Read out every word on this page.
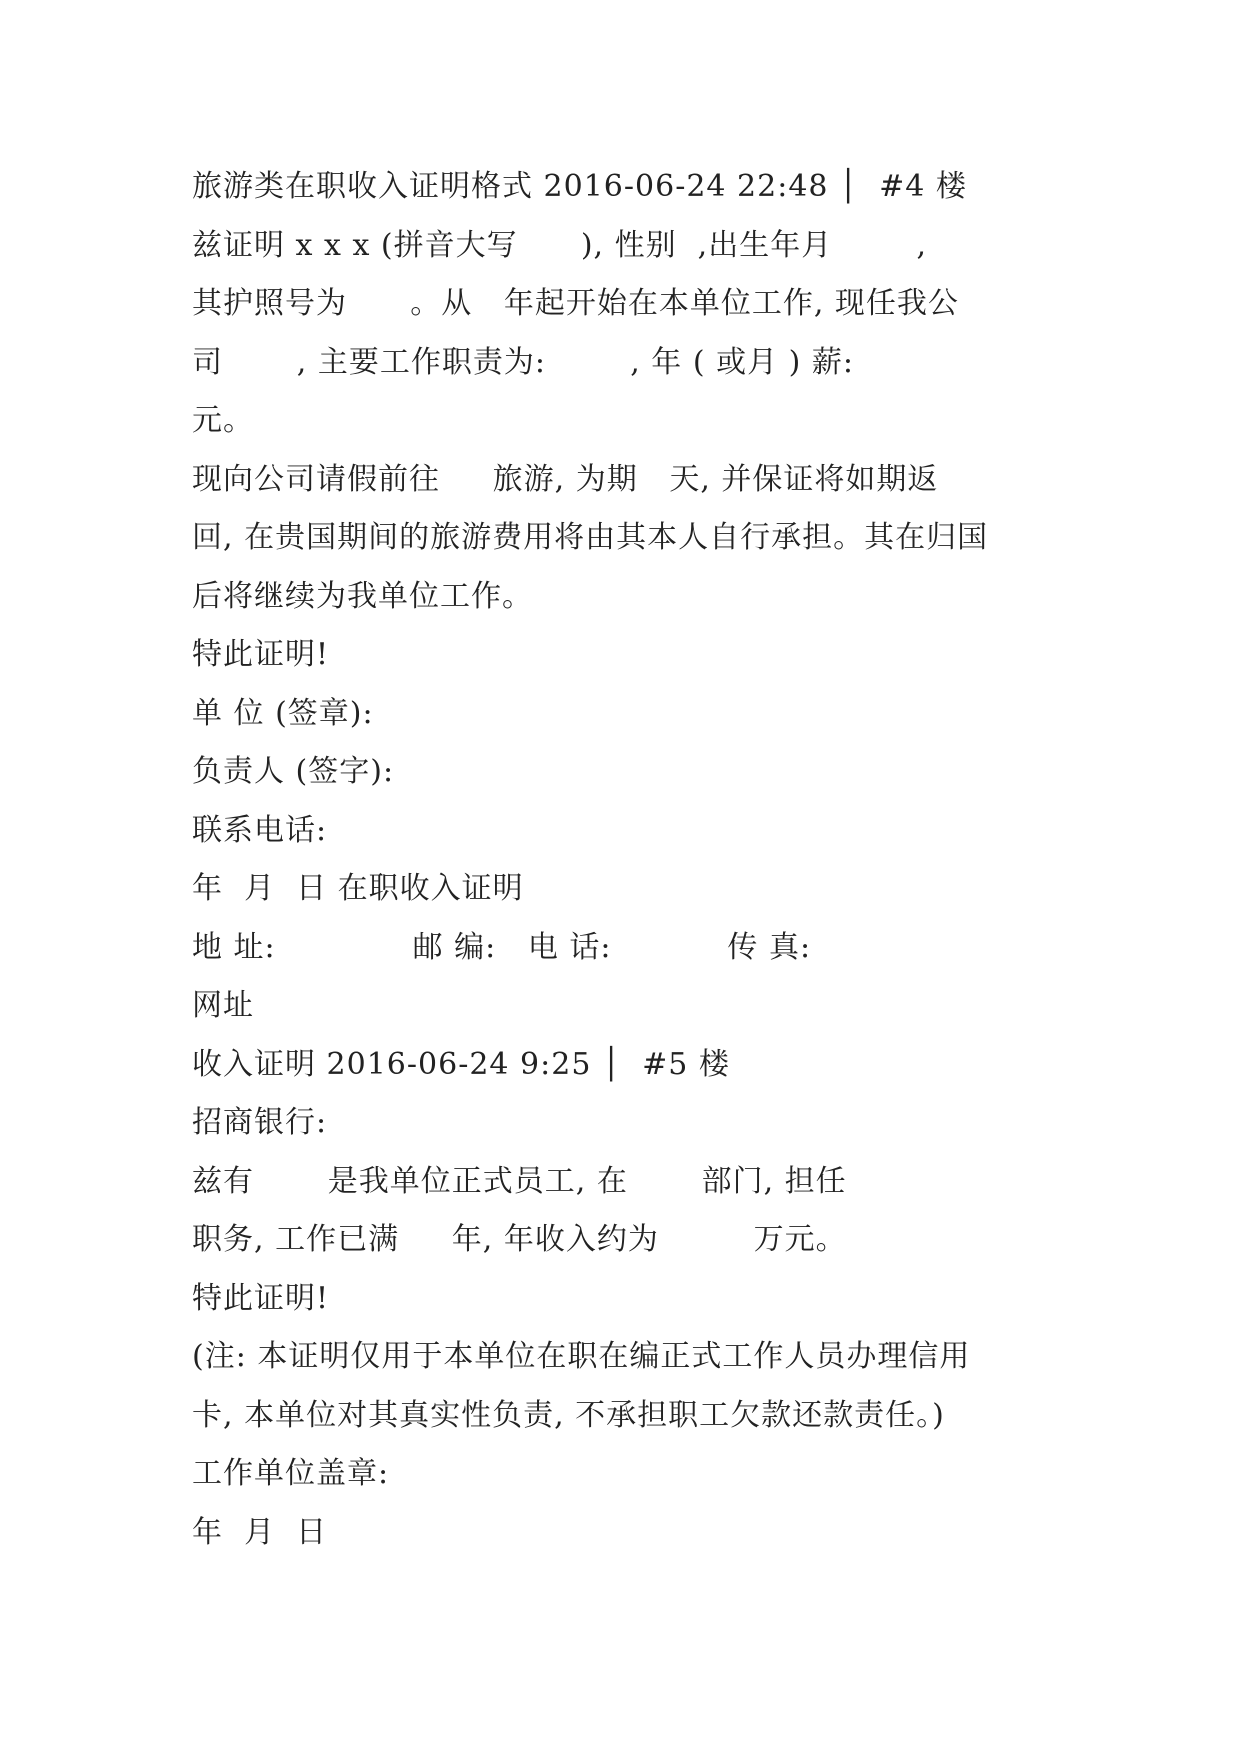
旅游类在职收入证明格式 2016-06-24 22:48 │  #4 楼
兹证明 x x x (拼音大写      ), 性别  ,出生年月        ,
其护照号为      。从   年起开始在本单位工作, 现任我公
司       , 主要工作职责为:        , 年 ( 或月 ) 薪:
元。
现向公司请假前往     旅游, 为期   天, 并保证将如期返
回, 在贵国期间的旅游费用将由其本人自行承担。其在归国
后将继续为我单位工作。
特此证明!
单 位 (签章):
负责人 (签字):
联系电话:
年  月  日 在职收入证明
地 址:             邮 编:   电 话:           传 真:
网址
收入证明 2016-06-24 9:25 │  #5 楼
招商银行:
兹有       是我单位正式员工, 在       部门, 担任
职务, 工作已满     年, 年收入约为         万元。
特此证明!
(注: 本证明仅用于本单位在职在编正式工作人员办理信用
卡, 本单位对其真实性负责, 不承担职工欠款还款责任。)
工作单位盖章:
年  月  日
